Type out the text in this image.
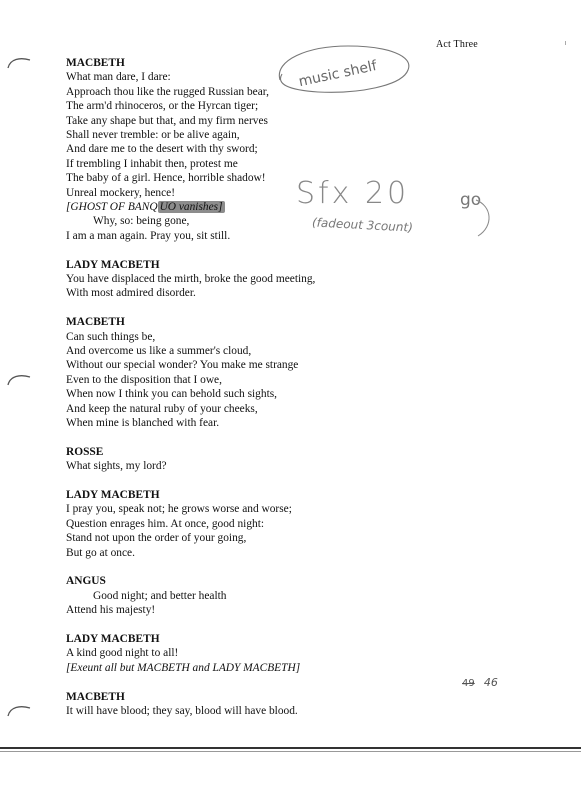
Act Three
MACBETH
What man dare, I dare:
Approach thou like the rugged Russian bear,
The arm'd rhinoceros, or the Hyrcan tiger;
Take any shape but that, and my firm nerves
Shall never tremble: or be alive again,
And dare me to the desert with thy sword;
If trembling I inhabit then, protest me
The baby of a girl. Hence, horrible shadow!
Unreal mockery, hence!
[GHOST OF BANQ UO vanishes]
Why, so: being gone,
I am a man again. Pray you, sit still.
LADY MACBETH
You have displaced the mirth, broke the good meeting,
With most admired disorder.
MACBETH
Can such things be,
And overcome us like a summer's cloud,
Without our special wonder? You make me strange
Even to the disposition that I owe,
When now I think you can behold such sights,
And keep the natural ruby of your cheeks,
When mine is blanched with fear.
ROSSE
What sights, my lord?
LADY MACBETH
I pray you, speak not; he grows worse and worse;
Question enrages him. At once, good night:
Stand not upon the order of your going,
But go at once.
ANGUS
Good night; and better health
Attend his majesty!
LADY MACBETH
A kind good night to all!
[Exeunt all but MACBETH and LADY MACBETH]
MACBETH
It will have blood; they say, blood will have blood.
music shelf
Sfx 20	go
(fadeout 3count)
49 46
